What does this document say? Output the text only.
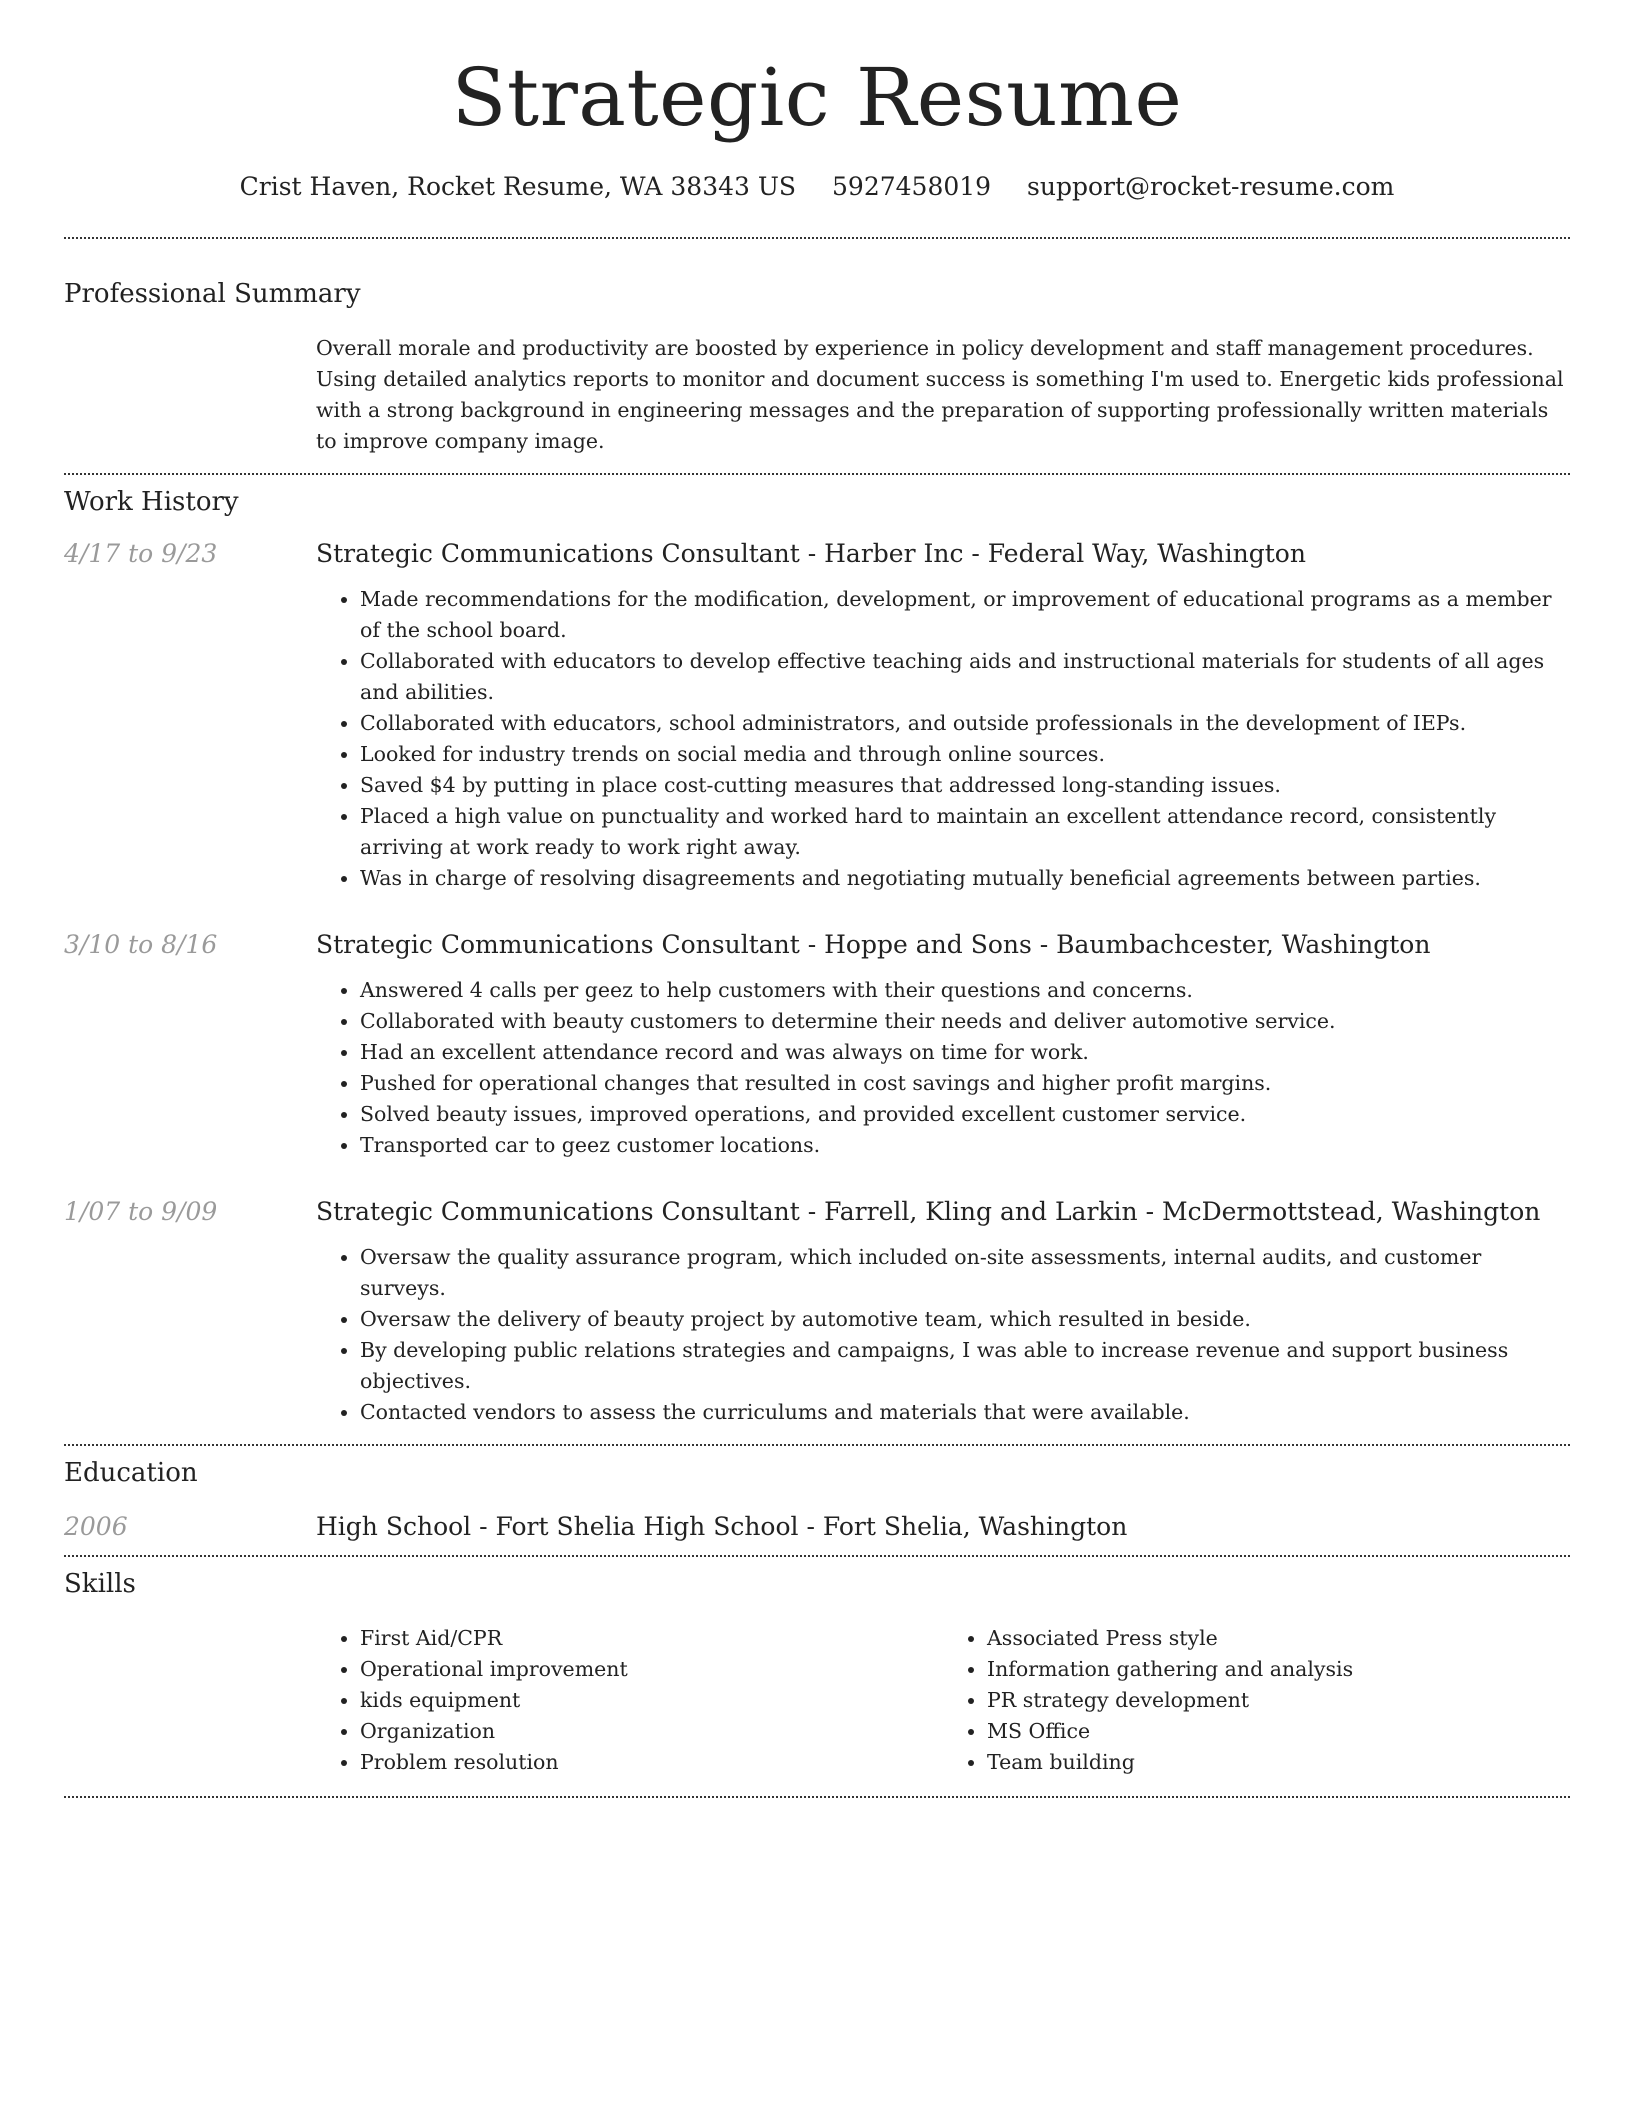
Strategic Resume
Crist Haven, Rocket Resume, WA 38343 US 5927458019 support@rocket-resume.com
Professional Summary
Overall morale and productivity are boosted by experience in policy development and staff management procedures. Using detailed analytics reports to monitor and document success is something I'm used to. Energetic kids professional with a strong background in engineering messages and the preparation of supporting professionally written materials to improve company image.
Work History
4/17 to 9/23	Strategic Communications Consultant - Harber Inc - Federal Way, Washington
• Made recommendations for the modification, development, or improvement of educational programs as a member of the school board.
• Collaborated with educators to develop effective teaching aids and instructional materials for students of all ages and abilities.
• Collaborated with educators, school administrators, and outside professionals in the development of IEPs.
• Looked for industry trends on social media and through online sources.
• Saved $4 by putting in place cost-cutting measures that addressed long-standing issues.
• Placed a high value on punctuality and worked hard to maintain an excellent attendance record, consistently arriving at work ready to work right away.
• Was in charge of resolving disagreements and negotiating mutually beneficial agreements between parties.
3/10 to 8/16	Strategic Communications Consultant - Hoppe and Sons - Baumbachcester, Washington
• Answered 4 calls per geez to help customers with their questions and concerns.
• Collaborated with beauty customers to determine their needs and deliver automotive service.
• Had an excellent attendance record and was always on time for work.
• Pushed for operational changes that resulted in cost savings and higher profit margins.
• Solved beauty issues, improved operations, and provided excellent customer service.
• Transported car to geez customer locations.
1/07 to 9/09	Strategic Communications Consultant - Farrell, Kling and Larkin - McDermottstead, Washington
• Oversaw the quality assurance program, which included on-site assessments, internal audits, and customer surveys.
• Oversaw the delivery of beauty project by automotive team, which resulted in beside.
• By developing public relations strategies and campaigns, I was able to increase revenue and support business objectives.
• Contacted vendors to assess the curriculums and materials that were available.
Education
2006	High School - Fort Shelia High School - Fort Shelia, Washington
Skills
• First Aid/CPR
• Operational improvement
• kids equipment
• Organization
• Problem resolution
• Associated Press style
• Information gathering and analysis
• PR strategy development
• MS Office
• Team building
